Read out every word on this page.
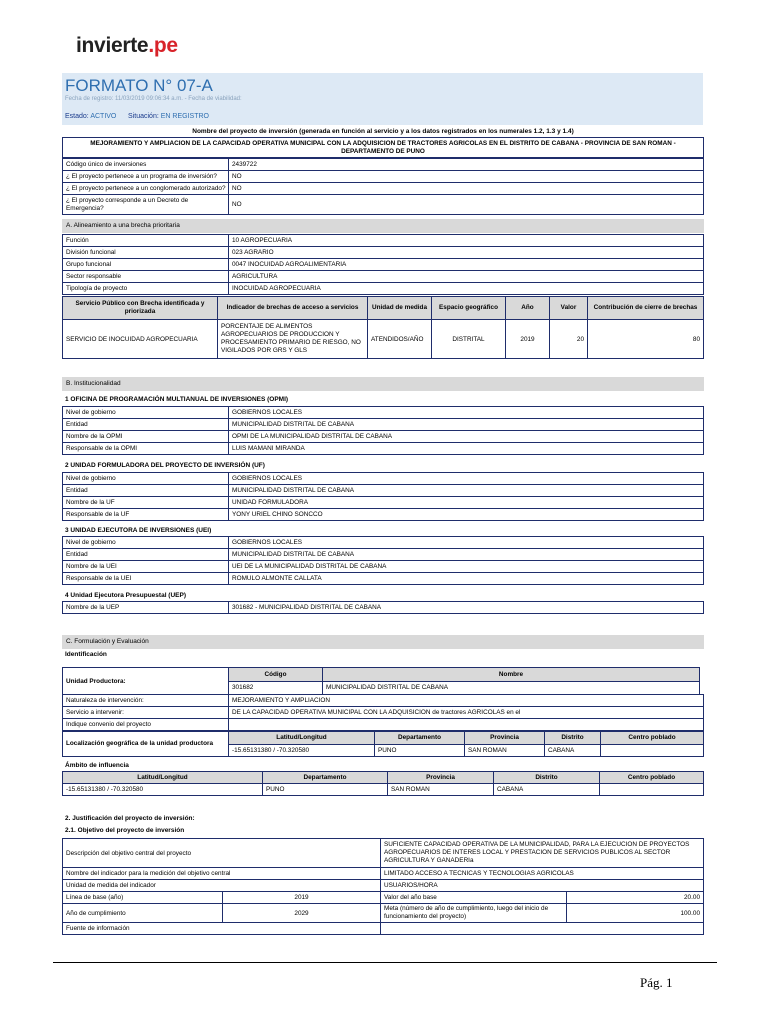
invierte.pe
FORMATO N° 07-A
Fecha de registro: 11/03/2019 09:06:34 a.m. - Fecha de viabilidad:
Estado: ACTIVO Situación: EN REGISTRO
Nombre del proyecto de inversión (generada en función al servicio y a los datos registrados en los numerales 1.2, 1.3 y 1.4)
MEJORAMIENTO Y AMPLIACION DE LA CAPACIDAD OPERATIVA MUNICIPAL CON LA ADQUISICION DE TRACTORES AGRICOLAS EN EL DISTRITO DE CABANA - PROVINCIA DE SAN ROMAN - DEPARTAMENTO DE PUNO
Código único de inversiones	2439722
¿ El proyecto pertenece a un programa de inversión?	NO
¿ El proyecto pertenece a un conglomerado autorizado?	NO
¿ El proyecto corresponde a un Decreto de Emergencia?	NO
A. Alineamiento a una brecha prioritaria
Función	10 AGROPECUARIA
División funcional	023 AGRARIO
Grupo funcional	0047 INOCUIDAD AGROALIMENTARIA
Sector responsable	AGRICULTURA
Tipología de proyecto	INOCUIDAD AGROPECUARIA
Servicio Público con Brecha identificada y priorizada	Indicador de brechas de acceso a servicios	Unidad de medida	Espacio geográfico	Año	Valor	Contribución de cierre de brechas
SERVICIO DE INOCUIDAD AGROPECUARIA	PORCENTAJE DE ALIMENTOS AGROPECUARIOS DE PRODUCCION Y PROCESAMIENTO PRIMARIO DE RIESGO, NO VIGILADOS POR GRS Y GLS	ATENDIDOS/AÑO	DISTRITAL	2019	20	80
B. Institucionalidad
1 OFICINA DE PROGRAMACIÓN MULTIANUAL DE INVERSIONES (OPMI)
Nivel de gobierno	GOBIERNOS LOCALES
Entidad	MUNICIPALIDAD DISTRITAL DE CABANA
Nombre de la OPMI	OPMI DE LA MUNICIPALIDAD DISTRITAL DE CABANA
Responsable de la OPMI	LUIS MAMANI MIRANDA
2 UNIDAD FORMULADORA DEL PROYECTO DE INVERSIÓN (UF)
Nivel de gobierno	GOBIERNOS LOCALES
Entidad	MUNICIPALIDAD DISTRITAL DE CABANA
Nombre de la UF	UNIDAD FORMULADORA
Responsable de la UF	YONY URIEL CHINO SONCCO
3 UNIDAD EJECUTORA DE INVERSIONES (UEI)
Nivel de gobierno	GOBIERNOS LOCALES
Entidad	MUNICIPALIDAD DISTRITAL DE CABANA
Nombre de la UEI	UEI DE LA MUNICIPALIDAD DISTRITAL DE CABANA
Responsable de la UEI	ROMULO ALMONTE CALLATA
4 Unidad Ejecutora Presupuestal (UEP)
Nombre de la UEP	301682 - MUNICIPALIDAD DISTRITAL DE CABANA
C. Formulación y Evaluación
Identificación
Unidad Productora:	Código	Nombre	
	301682	MUNICIPALIDAD DISTRITAL DE CABANA	
Naturaleza de intervención:	MEJORAMIENTO Y AMPLIACION
Servicio a intervenir:	DE LA CAPACIDAD OPERATIVA MUNICIPAL CON LA ADQUISICION de tractores AGRICOLAS en el
Indique convenio del proyecto	
Localización geográfica de la unidad productora	Latitud/Longitud	Departamento	Provincia	Distrito	Centro poblado
	-15.65131380 / -70.320580	PUNO	SAN ROMAN	CABANA	
Ámbito de influencia
Latitud/Longitud	Departamento	Provincia	Distrito	Centro poblado
-15.65131380 / -70.320580	PUNO	SAN ROMAN	CABANA	
2. Justificación del proyecto de inversión:
2.1. Objetivo del proyecto de inversión
Descripción del objetivo central del proyecto		SUFICIENTE CAPACIDAD OPERATIVA DE LA MUNICIPALIDAD, PARA LA EJECUCION DE PROYECTOS AGROPECUARIOS DE INTERES LOCAL Y PRESTACION DE SERVICIOS PUBLICOS AL SECTOR AGRICULTURA Y GANADERIa	
Nombre del indicador para la medición del objetivo central		LIMITADO ACCESO A TECNICAS Y TECNOLOGIAS AGRICOLAS	
Unidad de medida del indicador		USUARIOS/HORA	
Línea de base (año)	2019	Valor del año base	20.00
Año de cumplimiento	2029	Meta (número de año de cumplimiento, luego del inicio de funcionamiento del proyecto)	100.00
Fuente de información			
Pág. 1
